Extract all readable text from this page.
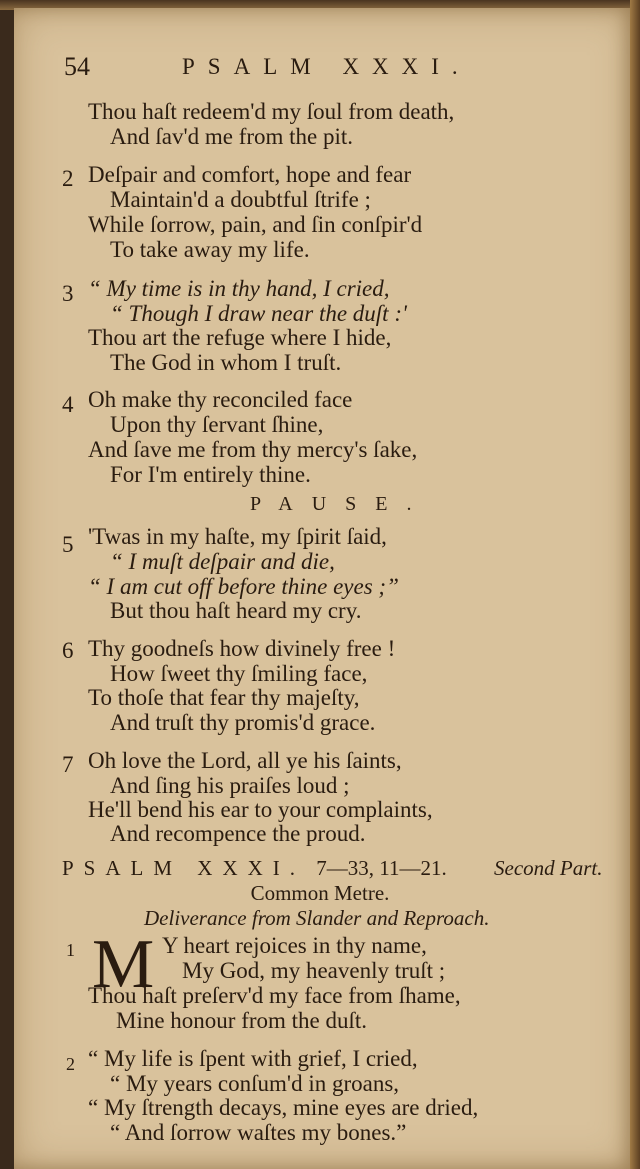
54	PSALM XXXI.
Thou haſt redeem'd my ſoul from death,
And ſav'd me from the pit.
2 Deſpair and comfort, hope and fear
Maintain'd a doubtful ſtrife ;
While ſorrow, pain, and ſin conſpir'd
To take away my life.
3 “ My time is in thy hand, I cried,
“ Though I draw near the duſt :'
Thou art the refuge where I hide,
The God in whom I truſt.
4 Oh make thy reconciled face
Upon thy ſervant ſhine,
And ſave me from thy mercy's ſake,
For I'm entirely thine.
PAUSE.
5 'Twas in my haſte, my ſpirit ſaid,
“ I muſt deſpair and die,
“ I am cut off before thine eyes ;”
But thou haſt heard my cry.
6 Thy goodneſs how divinely free !
How ſweet thy ſmiling face,
To thoſe that fear thy majeſty,
And truſt thy promis'd grace.
7 Oh love the Lord, all ye his ſaints,
And ſing his praiſes loud ;
He'll bend his ear to your complaints,
And recompence the proud.
PSALM XXXI. 7—33, 11—21. Second Part.
Common Metre.
Deliverance from Slander and Reproach.
1 M Y heart rejoices in thy name,
My God, my heavenly truſt ;
Thou haſt preſerv'd my face from ſhame,
Mine honour from the duſt.
2 “ My life is ſpent with grief, I cried,
“ My years conſum'd in groans,
“ My ſtrength decays, mine eyes are dried,
“ And ſorrow waſtes my bones.”
